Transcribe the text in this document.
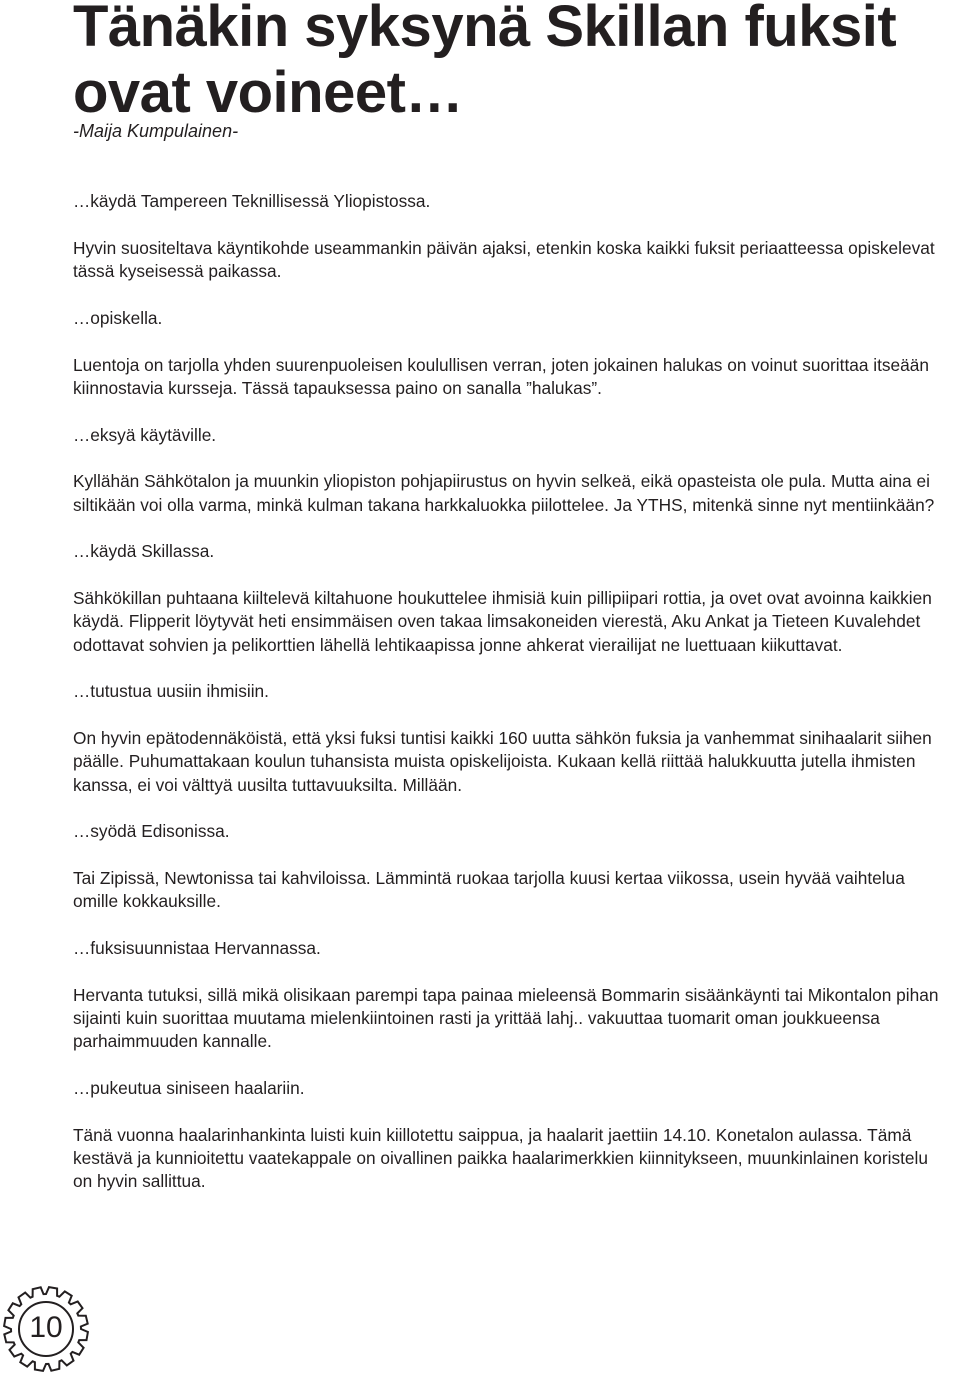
Tänäkin syksynä Skillan fuksit ovat voineet…

-Maija Kumpulainen-

…käydä Tampereen Teknillisessä Yliopistossa.

Hyvin suositeltava käyntikohde useammankin päivän ajaksi, etenkin koska kaikki fuksit periaatteessa opiskelevat tässä kyseisessä paikassa.

…opiskella.

Luentoja on tarjolla yhden suurenpuoleisen koulullisen verran, joten jokainen halukas on voinut suorittaa itseään kiinnostavia kursseja. Tässä tapauksessa paino on sanalla ”halukas”.

…eksyä käytäville.

Kyllähän Sähkötalon ja muunkin yliopiston pohjapiirustus on hyvin selkeä, eikä opasteista ole pula. Mutta aina ei siltikään voi olla varma, minkä kulman takana harkkaluokka piilottelee. Ja YTHS, mitenkä sinne nyt mentiinkään?

…käydä Skillassa.

Sähkökillan puhtaana kiiltelevä kiltahuone houkuttelee ihmisiä kuin pillipiipari rottia, ja ovet ovat avoinna kaikkien käydä. Flipperit löytyvät heti ensimmäisen oven takaa limsakoneiden vierestä, Aku Ankat ja Tieteen Kuvalehdet odottavat sohvien ja pelikorttien lähellä lehtikaapissa jonne ahkerat vierailijat ne luettuaan kiikuttavat.

…tutustua uusiin ihmisiin.

On hyvin epätodennäköistä, että yksi fuksi tuntisi kaikki 160 uutta sähkön fuksia ja vanhemmat sinihaalarit siihen päälle. Puhumattakaan koulun tuhansista muista opiskelijoista. Kukaan kellä riittää halukkuutta jutella ihmisten kanssa, ei voi välttyä uusilta tuttavuuksilta. Millään.

…syödä Edisonissa.

Tai Zipissä, Newtonissa tai kahviloissa. Lämmintä ruokaa tarjolla kuusi kertaa viikossa, usein hyvää vaihtelua omille kokkauksille.

…fuksisuunnistaa Hervannassa.

Hervanta tutuksi, sillä mikä olisikaan parempi tapa painaa mieleensä Bommarin sisäänkäynti tai Mikontalon pihan sijainti kuin suorittaa muutama mielenkiintoinen rasti ja yrittää lahj.. vakuuttaa tuomarit oman joukkueensa parhaimmuuden kannalle.

…pukeutua siniseen haalariin.

Tänä vuonna haalarinhankinta luisti kuin kiillotettu saippua, ja haalarit jaettiin 14.10. Konetalon aulassa. Tämä kestävä ja kunnioitettu vaatekappale on oivallinen paikka haalarimerkkien kiinnitykseen, muunkinlainen koristelu on hyvin sallittua.

10
